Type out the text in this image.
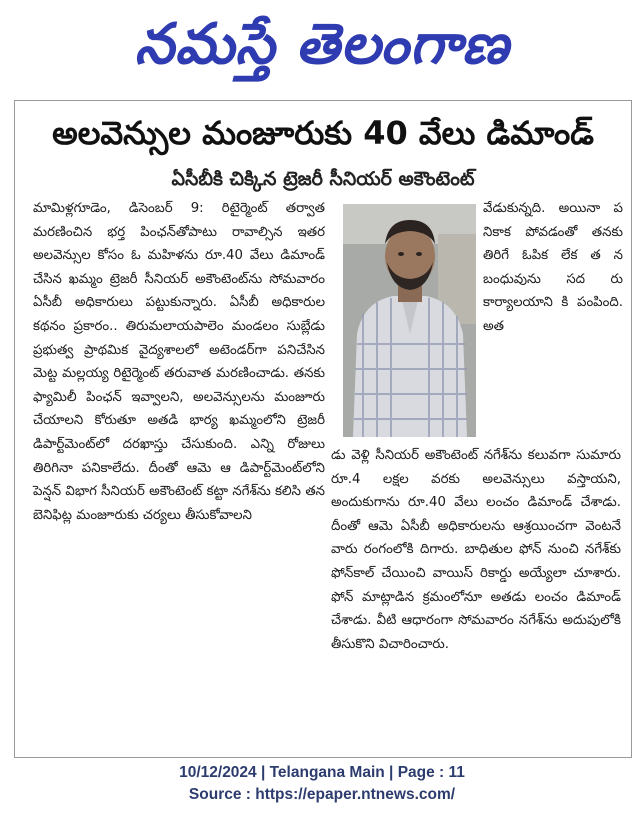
నమస్తే తెలంగాణ
అలవెన్సుల మంజూరుకు 40 వేలు డిమాండ్
ఏసీబీకి చిక్కిన ట్రెజరీ సీనియర్ అకౌంటెంట్
మామిళ్లగూడెం, డిసెంబర్ 9: రిటైర్మెంట్ తర్వాత మరణించిన భర్త పింఛన్‌తోపాటు రావాల్సిన ఇతర అలవెన్సుల కోసం ఓ మహిళను రూ.40 వేలు డిమాండ్ చేసిన ఖమ్మం ట్రెజరీ సీనియర్ అకౌంటెంట్‌ను సోమవారం ఏసీబీ అధికారులు పట్టుకున్నారు. ఏసీబీ అధికారుల కథనం ప్రకారం.. తిరుమలాయపాలెం మండలం సుబ్లేడు ప్రభుత్వ ప్రాథమిక వైద్యశాలలో అటెండర్‌గా పనిచేసిన మెట్ట మల్లయ్య రిటైర్మెంట్ తరువాత మరణించాడు. తనకు ఫ్యామిలీ పింఛన్ ఇవ్వాలని, అలవెన్సులను మంజూరు చేయాలని కోరుతూ అతడి భార్య ఖమ్మంలోని ట్రెజరీ డిపార్ట్‌మెంట్‌లో దరఖాస్తు చేసుకుంది. ఎన్ని రోజులు తిరిగినా పనికాలేదు. దీంతో ఆమె ఆ డిపార్ట్‌మెంట్‌లోని పెన్షన్ విభాగ సీనియర్ అకౌంటెంట్ కట్టా నగేశ్‌ను కలిసి తన బెనిఫిట్ల మంజూరుకు చర్యలు తీసుకోవాలని
వేడుకున్నది. అయినా ప నికాక పోవడంతో తనకు తిరిగే ఓపిక లేక త న బంధువును సద రు కార్యాలయాని కి పంపింది. అత
డు వెళ్లి సీనియర్ అకౌంటెంట్ నగేశ్‌ను కలువగా సుమారు రూ.4 లక్షల వరకు అలవెన్సులు వస్తాయని, అందుకుగాను రూ.40 వేలు లంచం డిమాండ్ చేశాడు. దీంతో ఆమె ఏసీబీ అధికారులను ఆశ్రయించగా వెంటనే వారు రంగంలోకి దిగారు. బాధితుల ఫోన్ నుంచి నగేశ్‌కు ఫోన్‌కాల్ చేయించి వాయిస్ రికార్డు అయ్యేలా చూశారు. ఫోన్ మాట్లాడిన క్రమంలోనూ అతడు లంచం డిమాండ్ చేశాడు. వీటి ఆధారంగా సోమవారం నగేశ్‌ను అదుపులోకి తీసుకొని విచారించారు.
10/12/2024 | Telangana Main | Page : 11
Source : https://epaper.ntnews.com/
